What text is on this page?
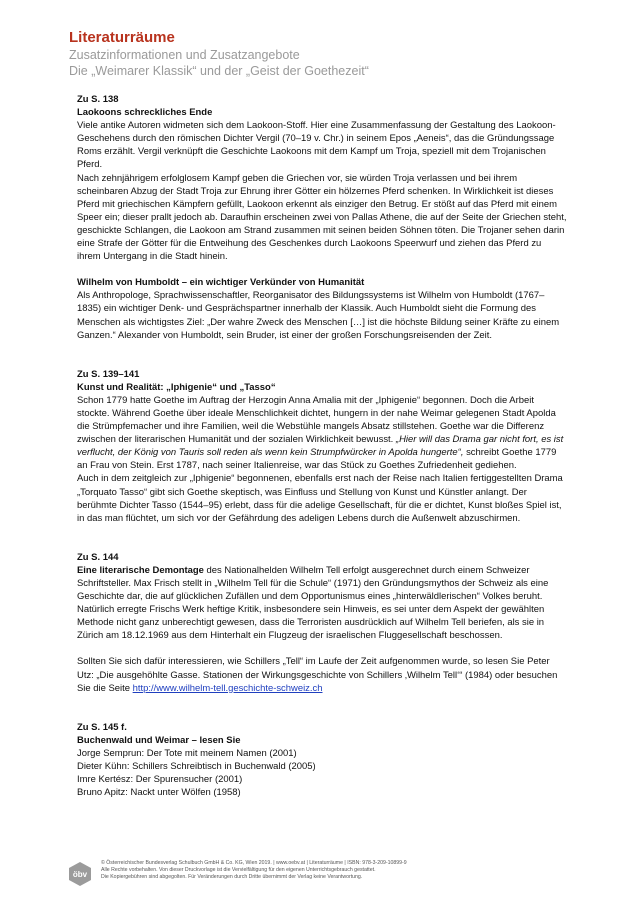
Literaturräume
Zusatzinformationen und Zusatzangebote
Die „Weimarer Klassik“ und der „Geist der Goethezeit“
Zu S. 138
Laokoons schreckliches Ende

Viele antike Autoren widmeten sich dem Laokoon-Stoff. Hier eine Zusammenfassung der Gestaltung des Laokoon-Geschehens durch den römischen Dichter Vergil (70–19 v. Chr.) in seinem Epos „Aeneis“, das die Gründungssage Roms erzählt. Vergil verknüpft die Geschichte Laokoons mit dem Kampf um Troja, speziell mit dem Trojanischen Pferd.

Nach zehnjährigem erfolglosem Kampf geben die Griechen vor, sie würden Troja verlassen und bei ihrem scheinbaren Abzug der Stadt Troja zur Ehrung ihrer Götter ein hölzernes Pferd schenken. In Wirklichkeit ist dieses Pferd mit griechischen Kämpfern gefüllt, Laokoon erkennt als einziger den Betrug. Er stößt auf das Pferd mit einem Speer ein; dieser prallt jedoch ab. Daraufhin erscheinen zwei von Pallas Athene, die auf der Seite der Griechen steht, geschickte Schlangen, die Laokoon am Strand zusammen mit seinen beiden Söhnen töten. Die Trojaner sehen darin eine Strafe der Götter für die Entweihung des Geschenkes durch Laokoons Speerwurf und ziehen das Pferd zu ihrem Untergang in die Stadt hinein.

Wilhelm von Humboldt – ein wichtiger Verkünder von Humanität

Als Anthropologe, Sprachwissenschaftler, Reorganisator des Bildungssystems ist Wilhelm von Humboldt (1767–1835) ein wichtiger Denk- und Gesprächspartner innerhalb der Klassik. Auch Humboldt sieht die Formung des Menschen als wichtigstes Ziel: „Der wahre Zweck des Menschen […] ist die höchste Bildung seiner Kräfte zu einem Ganzen.“ Alexander von Humboldt, sein Bruder, ist einer der großen Forschungsreisenden der Zeit.

Zu S. 139–141
Kunst und Realität: „Iphigenie“ und „Tasso“

Schon 1779 hatte Goethe im Auftrag der Herzogin Anna Amalia mit der „Iphigenie“ begonnen. Doch die Arbeit stockte. Während Goethe über ideale Menschlichkeit dichtet, hungern in der nahe Weimar gelegenen Stadt Apolda die Strümpfemacher und ihre Familien, weil die Webstühle mangels Absatz stillstehen. Goethe war die Differenz zwischen der literarischen Humanität und der sozialen Wirklichkeit bewusst. „Hier will das Drama gar nicht fort, es ist verflucht, der König von Tauris soll reden als wenn kein Strumpfwürcker in Apolda hungerte“, schreibt Goethe 1779 an Frau von Stein. Erst 1787, nach seiner Italienreise, war das Stück zu Goethes Zufriedenheit gediehen.

Auch in dem zeitgleich zur „Iphigenie“ begonnenen, ebenfalls erst nach der Reise nach Italien fertiggestellten Drama „Torquato Tasso“ gibt sich Goethe skeptisch, was Einfluss und Stellung von Kunst und Künstler anlangt. Der berühmte Dichter Tasso (1544–95) erlebt, dass für die adelige Gesellschaft, für die er dichtet, Kunst bloßes Spiel ist, in das man flüchtet, um sich vor der Gefährdung des adeligen Lebens durch die Außenwelt abzuschirmen.

Zu S. 144

Eine literarische Demontage des Nationalhelden Wilhelm Tell erfolgt ausgerechnet durch einem Schweizer Schriftsteller. Max Frisch stellt in „Wilhelm Tell für die Schule“ (1971) den Gründungsmythos der Schweiz als eine Geschichte dar, die auf glücklichen Zufällen und dem Opportunismus eines „hinterwäldlerischen“ Volkes beruht. Natürlich erregte Frischs Werk heftige Kritik, insbesondere sein Hinweis, es sei unter dem Aspekt der gewählten Methode nicht ganz unberechtigt gewesen, dass die Terroristen ausdrücklich auf Wilhelm Tell beriefen, als sie in Zürich am 18.12.1969 aus dem Hinterhalt ein Flugzeug der israelischen Fluggesellschaft beschossen.

Sollten Sie sich dafür interessieren, wie Schillers „Tell“ im Laufe der Zeit aufgenommen wurde, so lesen Sie Peter Utz: „Die ausgehöhlte Gasse. Stationen der Wirkungsgeschichte von Schillers ‚Wilhelm Tell‘“ (1984) oder besuchen Sie die Seite http://www.wilhelm-tell.geschichte-schweiz.ch

Zu S. 145 f.
Buchenwald und Weimar – lesen Sie
Jorge Semprun: Der Tote mit meinem Namen (2001)
Dieter Kühn: Schillers Schreibtisch in Buchenwald (2005)
Imre Kertész: Der Spurensucher (2001)
Bruno Apitz: Nackt unter Wölfen (1958)
öbv
© Österreichischer Bundesverlag Schulbuch GmbH & Co. KG, Wien 2019. | www.oebv.at | Literaturräume | ISBN: 978-3-209-10899-9
Alle Rechte vorbehalten. Von dieser Druckvorlage ist die Vervielfältigung für den eigenen Unterrichtsgebrauch gestattet.
Die Kopiergebühren sind abgegolten. Für Veränderungen durch Dritte übernimmt der Verlag keine Verantwortung.
